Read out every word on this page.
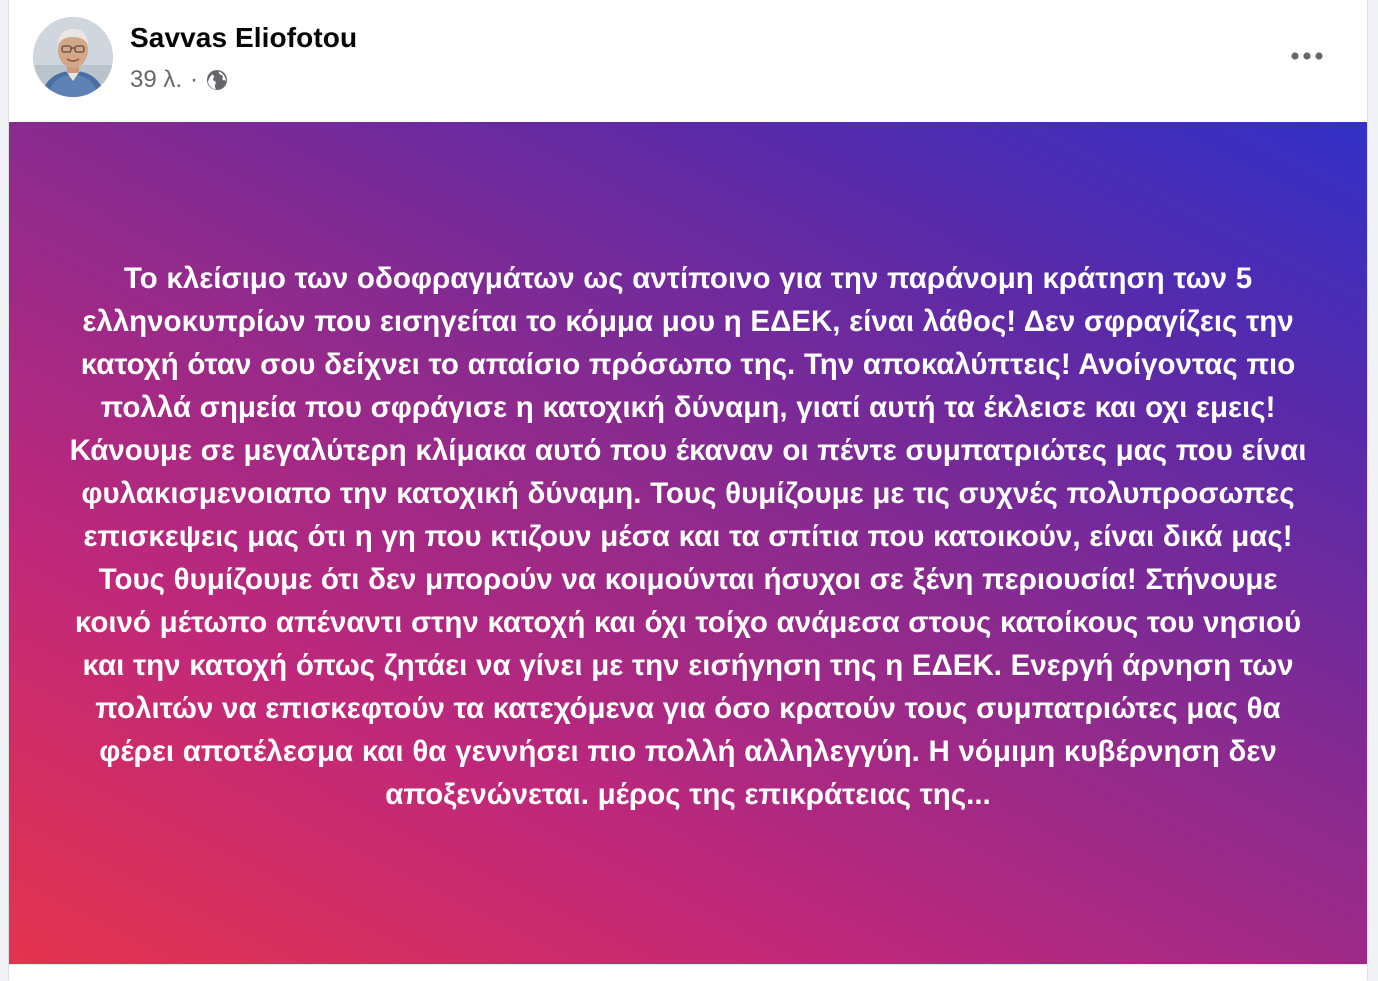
Savvas Eliofotou
39 λ. ·

Το κλείσιμο των οδοφραγμάτων ως αντίποινο για την παράνομη κράτηση των 5 ελληνοκυπρίων που εισηγείται το κόμμα μου η ΕΔΕΚ, είναι λάθος! Δεν σφραγίζεις την κατοχή όταν σου δείχνει το απαίσιο πρόσωπο της. Την αποκαλύπτεις! Ανοίγοντας πιο πολλά σημεία που σφράγισε η κατοχική δύναμη, γιατί αυτή τα έκλεισε και οχι εμεις! Κάνουμε σε μεγαλύτερη κλίμακα αυτό που έκαναν οι πέντε συμπατριώτες μας που είναι φυλακισμενοιαπο την κατοχική δύναμη. Τους θυμίζουμε με τις συχνές πολυπροσωπες επισκεψεις μας ότι η γη που κτιζουν μέσα και τα σπίτια που κατοικούν, είναι δικά μας!Τους θυμίζουμε ότι δεν μπορούν να κοιμούνται ήσυχοι σε ξένη περιουσία! Στήνουμε κοινό μέτωπο απέναντι στην κατοχή και όχι τοίχο ανάμεσα στους κατοίκους του νησιού και την κατοχή όπως ζητάει να γίνει με την εισήγηση της η ΕΔΕΚ. Ενεργή άρνηση των πολιτών να επισκεφτούν τα κατεχόμενα για όσο κρατούν τους συμπατριώτες μας θα φέρει αποτέλεσμα και θα γεννήσει πιο πολλή αλληλεγγύη. Η νόμιμη κυβέρνηση δεν αποξενώνεται. μέρος της επικράτειας της...
